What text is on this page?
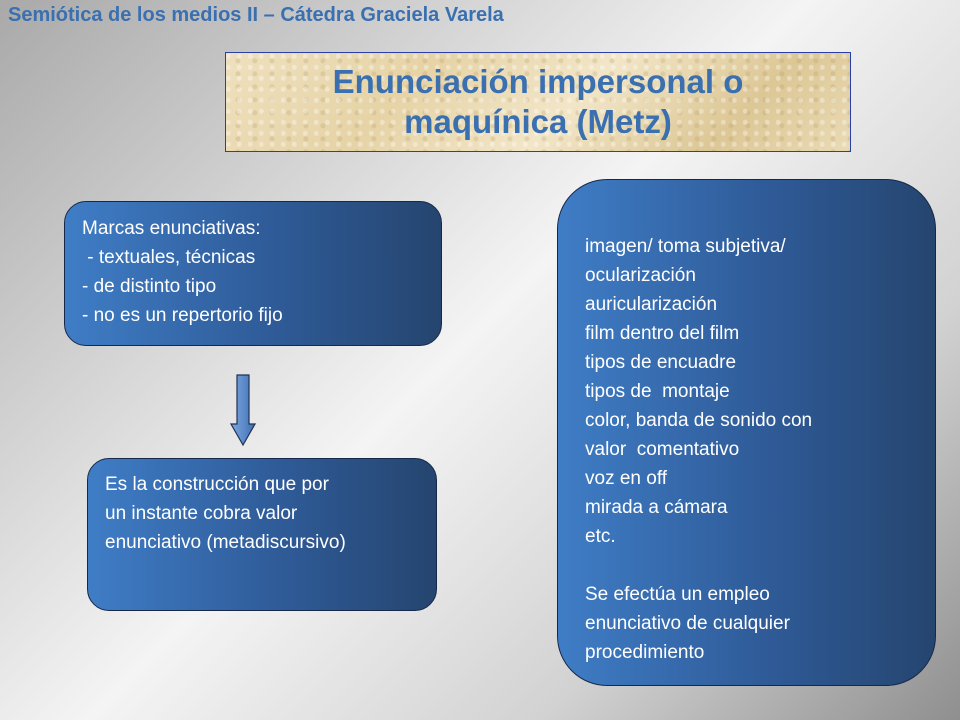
Semiótica de los medios II – Cátedra Graciela Varela
Enunciación impersonal o
maquínica (Metz)
Marcas enunciativas:
- textuales, técnicas
- de distinto tipo
- no es un repertorio fijo
Es la construcción que por
un instante cobra valor
enunciativo (metadiscursivo)
imagen/ toma subjetiva/
ocularización
auricularización
film dentro del film
tipos de encuadre
tipos de  montaje
color, banda de sonido con
valor  comentativo
voz en off
mirada a cámara
etc.
Se efectúa un empleo
enunciativo de cualquier
procedimiento
